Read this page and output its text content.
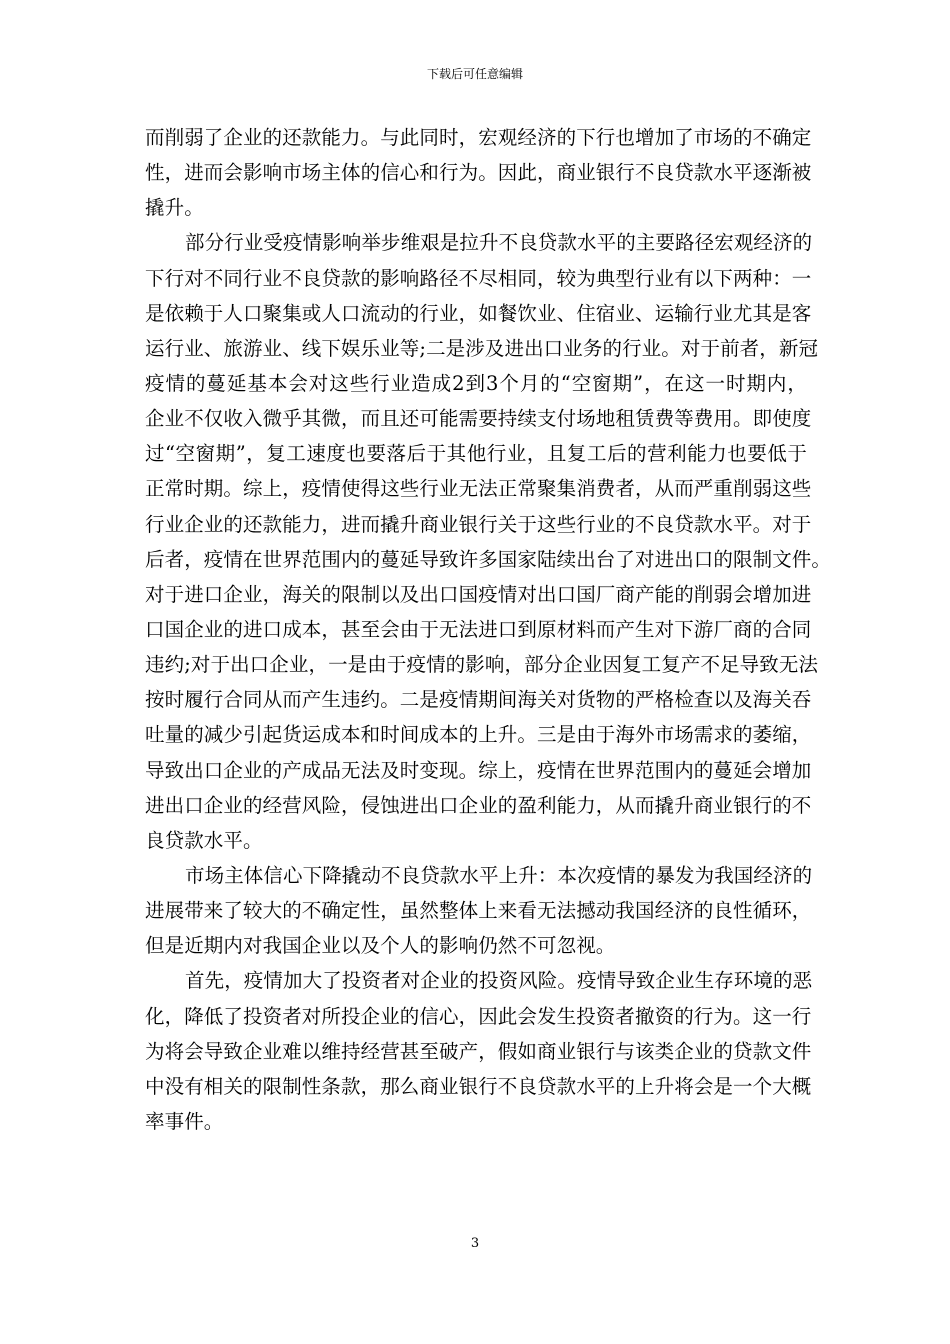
下载后可任意编辑
而削弱了企业的还款能力。与此同时，宏观经济的下行也增加了市场的不确定
性，进而会影响市场主体的信心和行为。因此，商业银行不良贷款水平逐渐被
撬升。
部分行业受疫情影响举步维艰是拉升不良贷款水平的主要路径宏观经济的
下行对不同行业不良贷款的影响路径不尽相同，较为典型行业有以下两种：一
是依赖于人口聚集或人口流动的行业，如餐饮业、住宿业、运输行业尤其是客
运行业、旅游业、线下娱乐业等;二是涉及进出口业务的行业。对于前者，新冠
疫情的蔓延基本会对这些行业造成2到3个月的“空窗期”，在这一时期内，
企业不仅收入微乎其微，而且还可能需要持续支付场地租赁费等费用。即使度
过“空窗期”，复工速度也要落后于其他行业，且复工后的营利能力也要低于
正常时期。综上，疫情使得这些行业无法正常聚集消费者，从而严重削弱这些
行业企业的还款能力，进而撬升商业银行关于这些行业的不良贷款水平。对于
后者，疫情在世界范围内的蔓延导致许多国家陆续出台了对进出口的限制文件。
对于进口企业，海关的限制以及出口国疫情对出口国厂商产能的削弱会增加进
口国企业的进口成本，甚至会由于无法进口到原材料而产生对下游厂商的合同
违约;对于出口企业，一是由于疫情的影响，部分企业因复工复产不足导致无法
按时履行合同从而产生违约。二是疫情期间海关对货物的严格检查以及海关吞
吐量的减少引起货运成本和时间成本的上升。三是由于海外市场需求的萎缩，
导致出口企业的产成品无法及时变现。综上，疫情在世界范围内的蔓延会增加
进出口企业的经营风险，侵蚀进出口企业的盈利能力，从而撬升商业银行的不
良贷款水平。
市场主体信心下降撬动不良贷款水平上升：本次疫情的暴发为我国经济的
进展带来了较大的不确定性，虽然整体上来看无法撼动我国经济的良性循环，
但是近期内对我国企业以及个人的影响仍然不可忽视。
首先，疫情加大了投资者对企业的投资风险。疫情导致企业生存环境的恶
化，降低了投资者对所投企业的信心，因此会发生投资者撤资的行为。这一行
为将会导致企业难以维持经营甚至破产，假如商业银行与该类企业的贷款文件
中没有相关的限制性条款，那么商业银行不良贷款水平的上升将会是一个大概
率事件。
3
